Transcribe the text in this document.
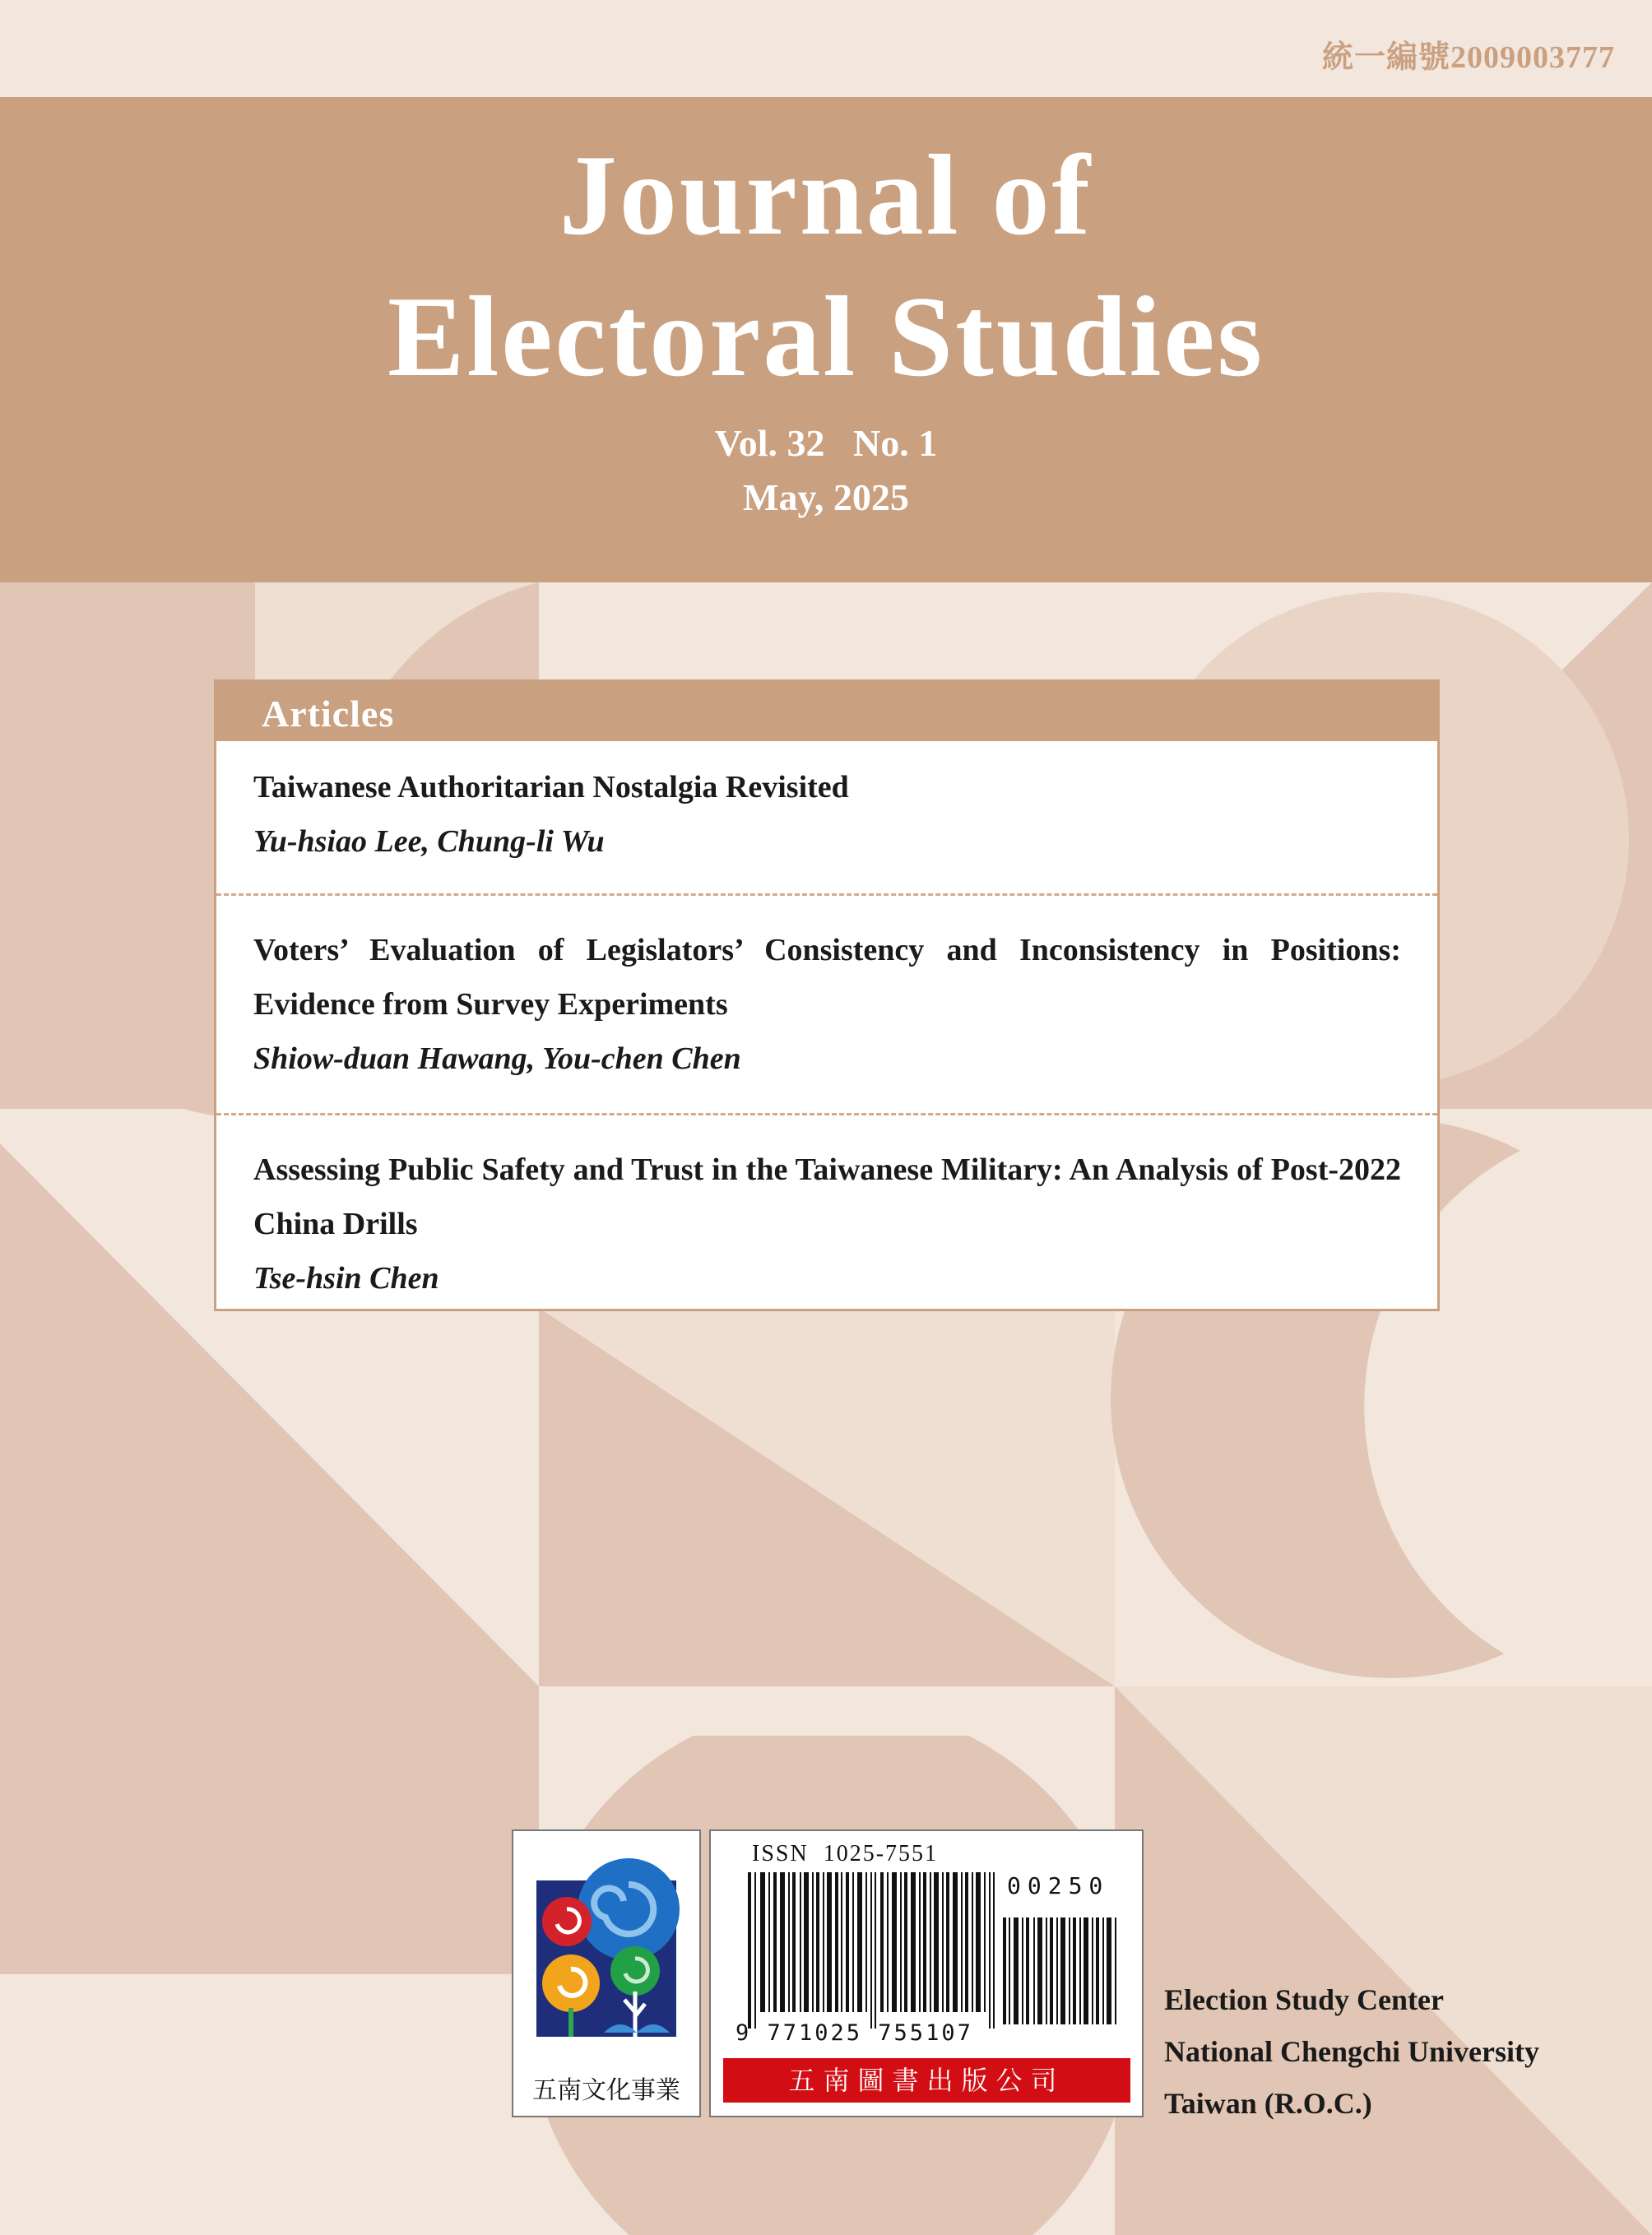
統一編號2009003777
Journal of
Electoral Studies
Vol. 32   No. 1
May, 2025
Articles
Taiwanese Authoritarian Nostalgia Revisited
Yu-hsiao Lee, Chung-li Wu
Voters’ Evaluation of Legislators’ Consistency and Inconsistency in Positions: Evidence from Survey Experiments
Shiow-duan Hawang, You-chen Chen
Assessing Public Safety and Trust in the Taiwanese Military: An Analysis of Post-2022 China Drills
Tse-hsin Chen
五南文化事業
ISSN  1025-7551
00250
9 771025 755107
五南圖書出版公司
Election Study Center
National Chengchi University
Taiwan (R.O.C.)
